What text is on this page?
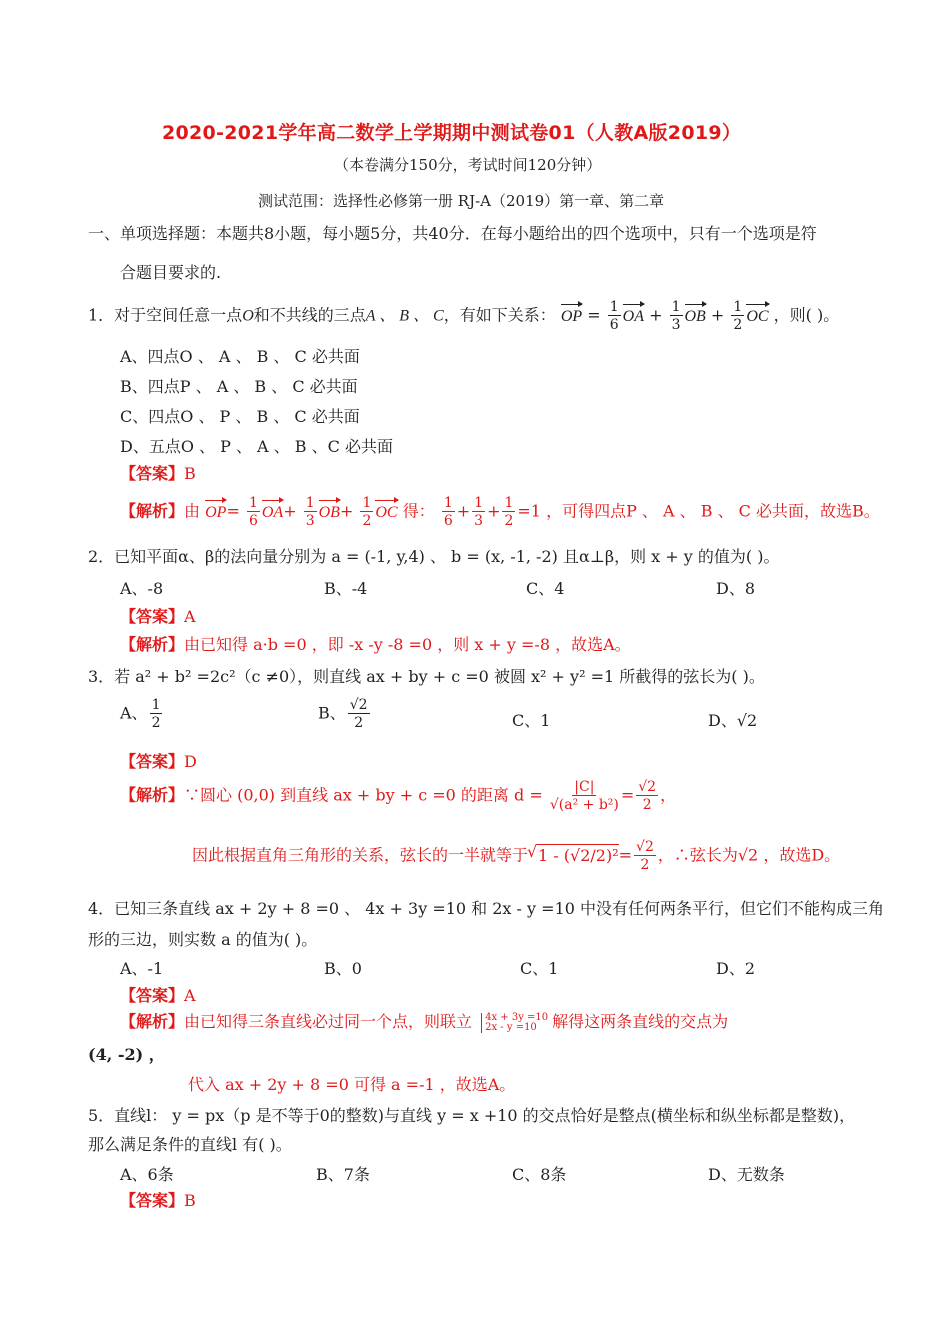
2020-2021学年高二数学上学期期中测试卷01（人教A版2019）
（本卷满分150分，考试时间120分钟）
测试范围：选择性必修第一册 RJ-A（2019）第一章、第二章
一、单项选择题：本题共8小题，每小题5分，共40分．在每小题给出的四个选项中，只有一个选项是符
合题目要求的.
1．对于空间任意一点O和不共线的三点A 、 B 、 C，有如下关系： OP = $\frac{1}{6}$ OA + $\frac{1}{3}$ OB + $\frac{1}{2}$ OC ，则( )。
A、四点O 、 A 、 B 、 C 必共面
B、四点P 、 A 、 B 、 C 必共面
C、四点O 、 P 、 B 、 C 必共面
D、五点O 、 P 、 A 、 B 、C 必共面
【答案】B
【解析】由 $OP= \frac{1}{6} OA+ \frac{1}{3} OB+ \frac{1}{2}$ OC 得： $\frac{1}{6} + \frac{1}{3} + \frac{1}{2} =1$ ，可得四点P 、 A 、 B 、 C 必共面，故选B。
2．已知平面α、β的法向量分别为 a = (-1, y,4) 、 b = (x, -1, -2) 且α⊥β，则 x + y 的值为( )。
A、-8	B、-4	C、4	D、8
【答案】A
【解析】由已知得 a·b =0 ，即 -x -y -8 =0 ，则 x + y =-8 ，故选A。
3．若 a² + b² =2c²（c ≠0），则直线 ax + by + c =0 被圆 x² + y² =1 所截得的弦长为( )。
A、 $\frac{1}{2}$	B、 $\frac{√2}{2}$	C、1	D、√2
【答案】D
【解析】∵圆心 (0,0) 到直线 ax + by + c =0 的距离 $d = \frac{|C|}{\text{√(a² + b²)}} = \frac{√2}{2}$ ，
因此根据直角三角形的关系，弦长的一半就等于√ $1 - (√2/2)^2= \frac{√2}{2}$ ，∴弦长为√2 ，故选D。
4．已知三条直线 ax + 2y + 8 =0 、 4x + 3y =10 和 2x - y =10 中没有任何两条平行，但它们不能构成三角
形的三边，则实数 a 的值为( )。
A、-1	B、0	C、1	D、2
【答案】A
【解析】由已知得三条直线必过同一个点，则联立 4x + 3y =10
2x - y =10 解得这两条直线的交点为
(4, -2) ，
代入 ax + 2y + 8 =0 可得 a =-1 ，故选A。
5．直线l： y = px（p 是不等于0的整数)与直线 y = x +10 的交点恰好是整点(横坐标和纵坐标都是整数)，
那么满足条件的直线l 有( )。
A、6条	B、7条	C、8条	D、无数条
【答案】B
